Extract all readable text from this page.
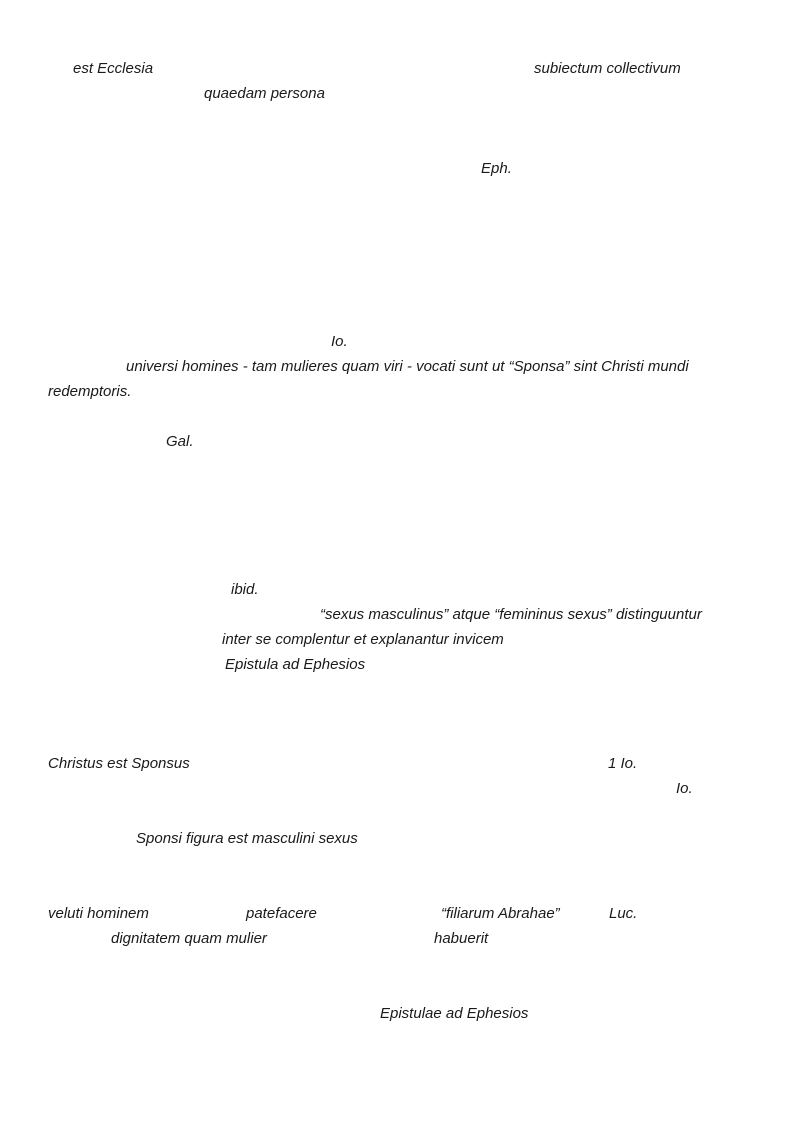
est Ecclesia	subiectum collectivum
quaedam persona
Eph.
Io.
universi homines - tam mulieres quam viri - vocati sunt ut “Sponsa” sint Christi mundi
redemptoris.
Gal.
ibid.
“sexus masculinus” atque “femininus sexus” distinguuntur
inter se complentur et explanantur invicem
Epistula ad Ephesios
Christus est Sponsus	1 Io.
Io.
Sponsi figura est masculini sexus
veluti hominem	patefacere	“filiarum Abrahae”	Luc.
dignitatem quam mulier	habuerit
Epistulae ad Ephesios
